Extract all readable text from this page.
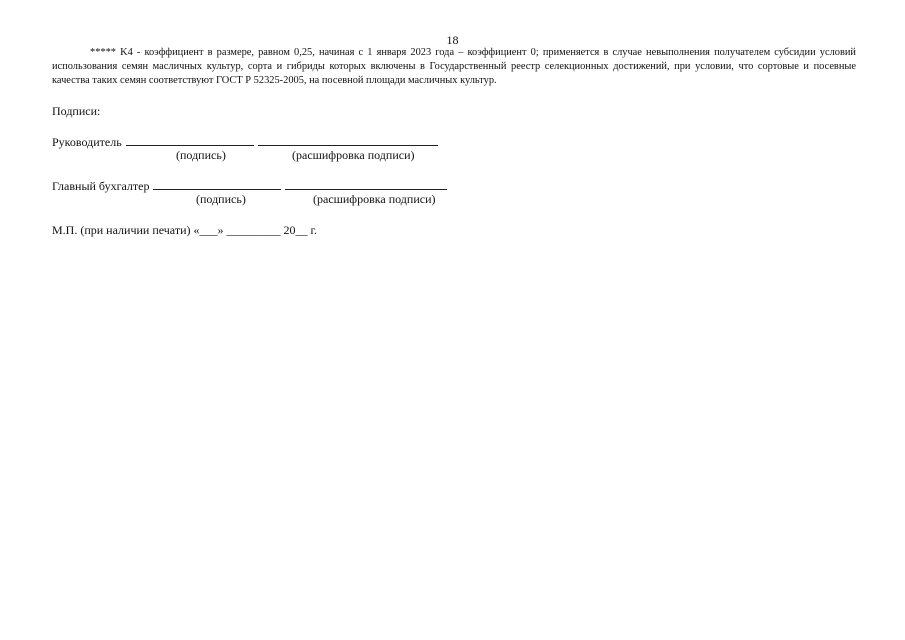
18
***** K4 - коэффициент в размере, равном 0,25, начиная с 1 января 2023 года – коэффициент 0; применяется в случае невыполнения получателем субсидии условий использования семян масличных культур, сорта и гибриды которых включены в Государственный реестр селекционных достижений, при условии, что сортовые и посевные качества таких семян соответствуют ГОСТ Р 52325-2005, на посевной площади масличных культур.
Подписи:
Руководитель
(подпись)	(расшифровка подписи)
Главный бухгалтер
(подпись)	(расшифровка подписи)
М.П. (при наличии печати) «___» _________ 20__ г.
